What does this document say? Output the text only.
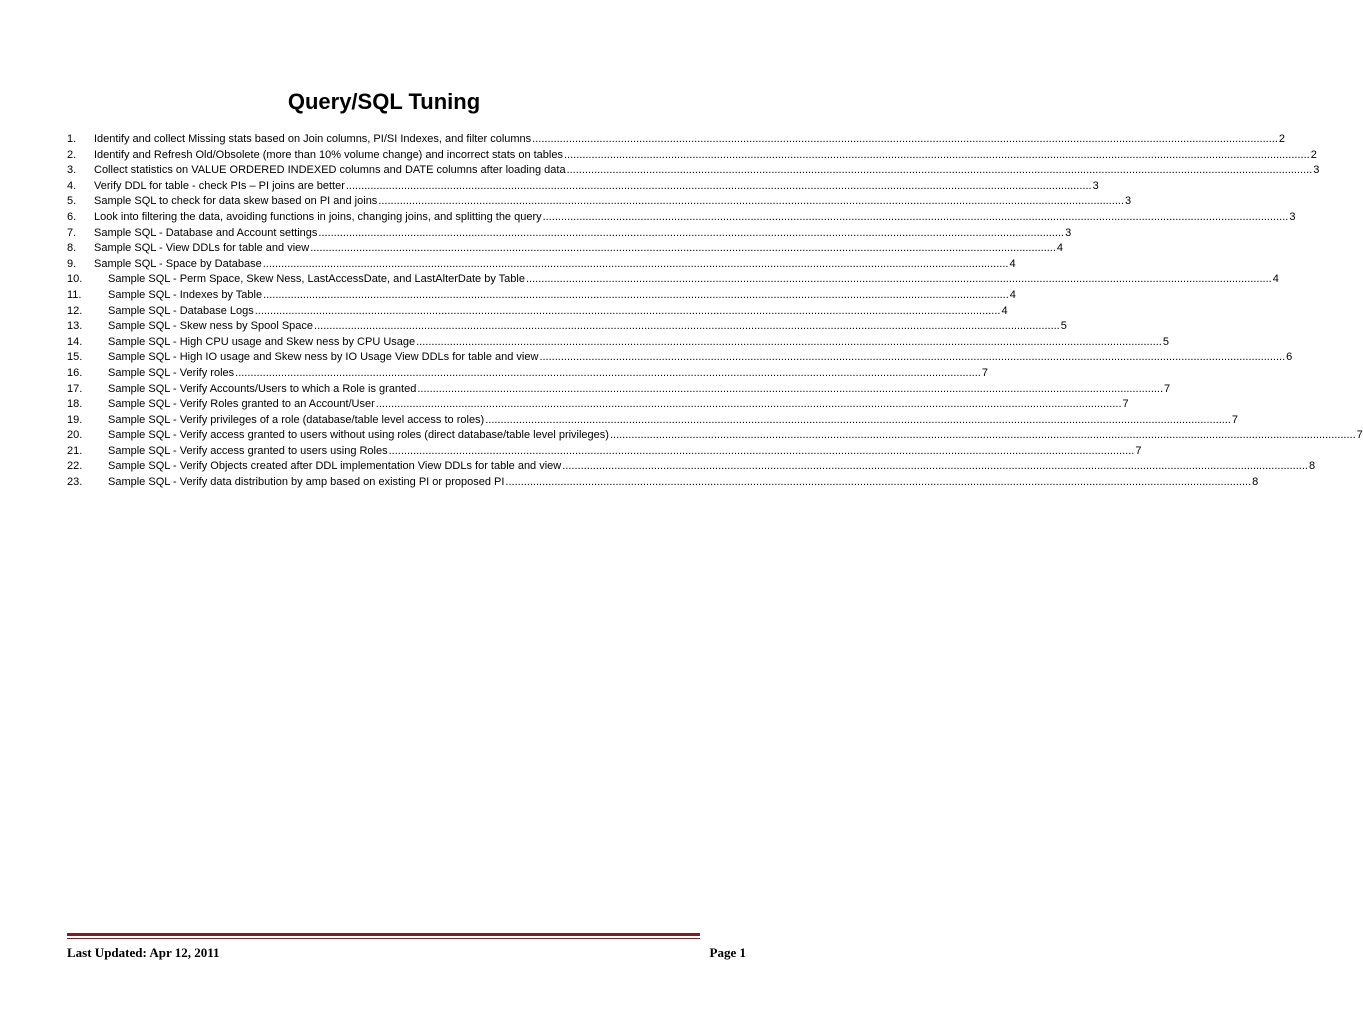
Query/SQL Tuning
1.	Identify and collect Missing stats based on Join columns, PI/SI Indexes, and filter columns .....	2
2.	Identify and Refresh Old/Obsolete (more than 10% volume change) and incorrect stats on tables .....	2
3.	Collect statistics on VALUE ORDERED INDEXED columns and DATE columns after loading data .....	3
4.	Verify DDL for table - check PIs – PI joins are better .....	3
5.	Sample SQL to check for data skew based on PI and joins .....	3
6.	Look into filtering the data, avoiding functions in joins, changing joins, and splitting the query .....	3
7.	Sample SQL - Database and Account settings .....	3
8.	Sample SQL - View DDLs for table and view .....	4
9.	Sample SQL - Space by Database .....	4
10.	Sample SQL - Perm Space, Skew Ness, LastAccessDate, and LastAlterDate by Table .....	4
11.	Sample SQL - Indexes by Table .....	4
12.	Sample SQL - Database Logs .....	4
13.	Sample SQL - Skew ness by Spool Space .....	5
14.	Sample SQL - High CPU usage and Skew ness by CPU Usage .....	5
15.	Sample SQL - High IO usage and Skew ness by IO Usage View DDLs for table and view .....	6
16.	Sample SQL - Verify roles .....	7
17.	Sample SQL - Verify Accounts/Users to which a Role is granted .....	7
18.	Sample SQL - Verify Roles granted to an Account/User .....	7
19.	Sample SQL - Verify privileges of a role (database/table level access to roles) .....	7
20.	Sample SQL - Verify access granted to users without using roles (direct database/table level privileges) .....	7
21.	Sample SQL - Verify access granted to users using Roles .....	7
22.	Sample SQL - Verify Objects created after DDL implementation View DDLs for table and view .....	8
23.	Sample SQL - Verify data distribution by amp based on existing PI or proposed PI .....	8
Last Updated: Apr 12, 2011	Page 1
